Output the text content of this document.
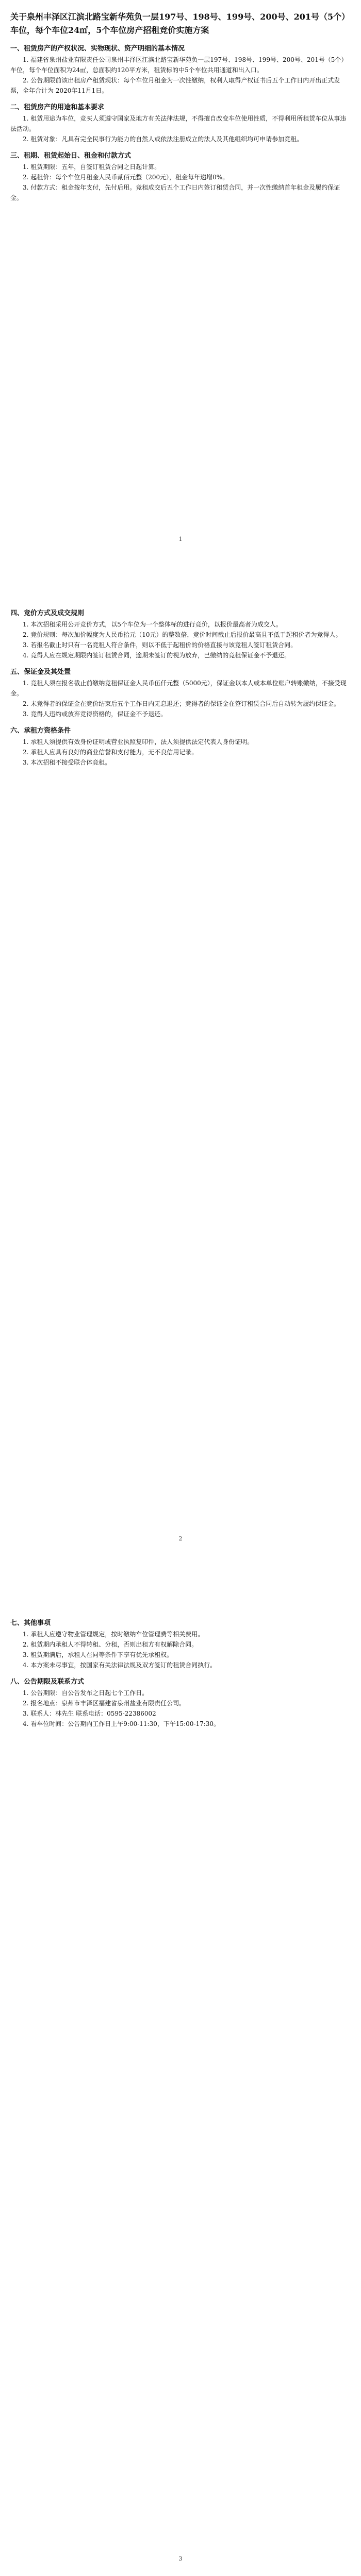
关于泉州丰泽区江滨北路宝新华苑负一层197号、198号、199号、200号、201号（5个）车位，每个车位24㎡，5个车位房产招租竞价实施方案
一、租赁房产的产权状况、实物现状、资产明细的基本情况

1. 福建省泉州盐业有限责任公司泉州丰泽区江滨北路宝新华苑负一层197号、198号、199号、200号、201号（5个）车位，每个车位面积为24㎡，总面积约120平方米，租赁标的中5个车位共用通道和出入口。

2. 公告期限前该出租房产租赁现状：每个车位月租金为一次性缴纳，权利人取得产权证书后五个工作日内开出正式发票，全年合计为 2020年11月1日。

二、租赁房产的用途和基本要求

1. 租赁用途为车位，竞买人须遵守国家及地方有关法律法规，不得擅自改变车位使用性质，不得利用所租赁车位从事违法活动。

2. 租赁对象：凡具有完全民事行为能力的自然人或依法注册成立的法人及其他组织均可申请参加竞租。

三、租期、租赁起始日、租金和付款方式

1. 租赁期限：五年，自签订租赁合同之日起计算。

2. 起租价：每个车位月租金人民币贰佰元整（200元），租金每年递增0%。

3. 付款方式：租金按年支付，先付后用。竞租成交后五个工作日内签订租赁合同，并一次性缴纳首年租金及履约保证金。

1
四、竞价方式及成交规则

1. 本次招租采用公开竞价方式，以5个车位为一个整体标的进行竞价，以报价最高者为成交人。

2. 竞价规则：每次加价幅度为人民币拾元（10元）的整数倍，竞价时间截止后报价最高且不低于起租价者为竞得人。

3. 若报名截止时只有一名竞租人符合条件，则以不低于起租价的价格直接与该竞租人签订租赁合同。

4. 竞得人应在规定期限内签订租赁合同，逾期未签订的视为放弃，已缴纳的竞租保证金不予退还。

五、保证金及其处置

1. 竞租人须在报名截止前缴纳竞租保证金人民币伍仟元整（5000元），保证金以本人或本单位账户转账缴纳，不接受现金。

2. 未竞得者的保证金在竞价结束后五个工作日内无息退还；竞得者的保证金在签订租赁合同后自动转为履约保证金。

3. 竞得人违约或放弃竞得资格的，保证金不予退还。

六、承租方资格条件

1. 承租人须提供有效身份证明或营业执照复印件，法人须提供法定代表人身份证明。

2. 承租人应具有良好的商业信誉和支付能力，无不良信用记录。

3. 本次招租不接受联合体竞租。

2
七、其他事项

1. 承租人应遵守物业管理规定，按时缴纳车位管理费等相关费用。

2. 租赁期内承租人不得转租、分租，否则出租方有权解除合同。

3. 租赁期满后，承租人在同等条件下享有优先承租权。

4. 本方案未尽事宜，按国家有关法律法规及双方签订的租赁合同执行。

八、公告期限及联系方式

1. 公告期限：自公告发布之日起七个工作日。

2. 报名地点：泉州市丰泽区福建省泉州盐业有限责任公司。

3. 联系人：林先生 联系电话：0595-22386002

4. 看车位时间：公告期内工作日上午9:00-11:30，下午15:00-17:30。

3
